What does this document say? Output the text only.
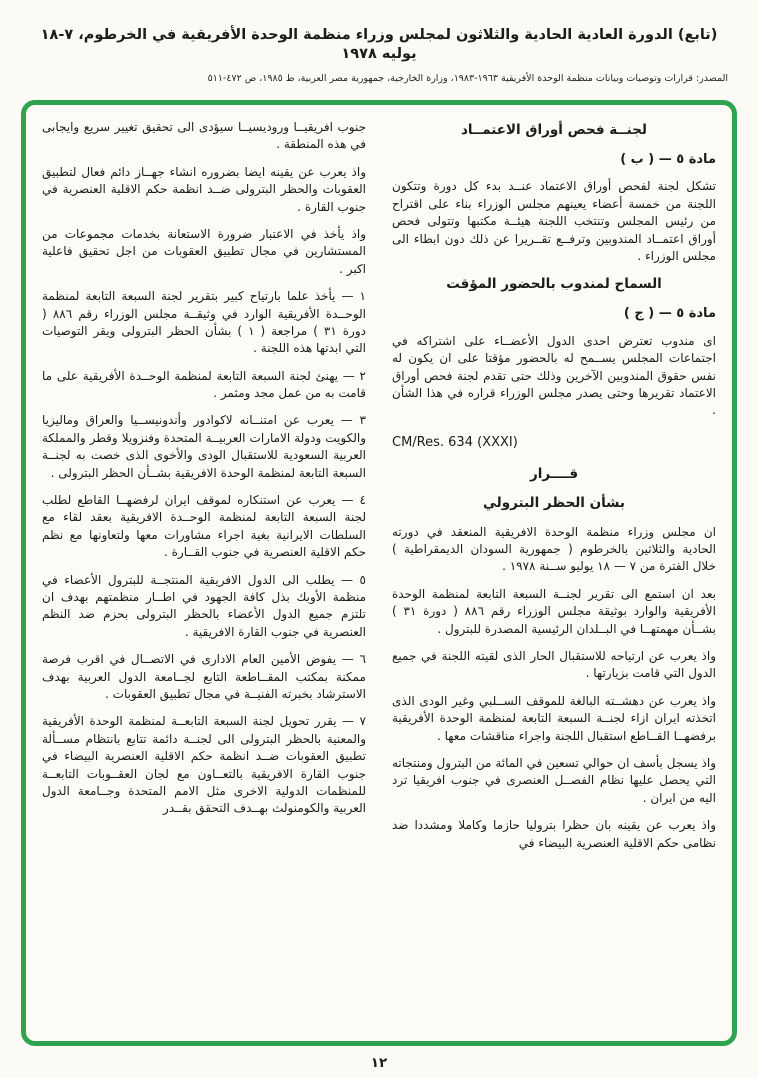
(تابع) الدورة العادية الحادية والثلاثون لمجلس وزراء منظمة الوحدة الأفريقية في الخرطوم، ٧-١٨ يوليه ١٩٧٨
المصدر: قرارات وتوصيات وبيانات منظمة الوحدة الأفريقية ١٩٦٣-١٩٨٣، وزارة الخارجية، جمهورية مصر العربية، ط ١٩٨٥، ص ٤٧٢-٥١١
لجنــة فحص أوراق الاعتمــاد
مادة ٥ — ( ب )

تشكل لجنة لفحص أوراق الاعتماد عنــد بدء كل دورة وتتكون اللجنة من خمسة أعضاء يعينهم مجلس الوزراء بناء على اقتراح من رئيس المجلس وتنتخب اللجنة هيئــة مكتبها وتتولى فحص أوراق اعتمــاد المندوبين وترفــع تقــريرا عن ذلك دون ابطاء الى مجلس الوزراء .

السماح لمندوب بالحضور المؤقت
مادة ٥ — ( ج )

اى مندوب تعترض احدى الدول الأعضــاء على اشتراكه في اجتماعات المجلس يســمح له بالحضور مؤقتا على ان يكون له نفس حقوق المندوبين الآخرين وذلك حتى تقدم لجنة فحص أوراق الاعتماد تقريرها وحتى يصدر مجلس الوزراء قراره في هذا الشأن .

CM/Res. 634 (XXXI)
قــــرار
بشأن الحظر البترولي

ان مجلس وزراء منظمة الوحدة الافريقية المنعقد في دورته الحادية والثلاثين بالخرطوم ( جمهورية السودان الديمقراطية ) خلال الفترة من ٧ — ١٨ يوليو ســنة ١٩٧٨ .

بعد ان استمع الى تقرير لجنــة السبعة التابعة لمنظمة الوحدة الأفريقية والوارد بوثيقة مجلس الوزراء رقم ٨٨٦ ( دورة ٣١ ) بشــأن مهمتهــا في البــلدان الرئيسية المصدرة للبترول .

واذ يعرب عن ارتياحه للاستقبال الحار الذى لقيته اللجنة في جميع الدول التي قامت بزيارتها .

واذ يعرب عن دهشــته البالغة للموقف الســلبي وغير الودى الذى اتخذته ايران ازاء لجنــة السبعة التابعة لمنظمة الوحدة الأفريقية برفضهــا القــاطع استقبال اللجنة واجراء مناقشات معها .

واذ يسجل بأسف ان حوالي تسعين في المائة من البترول ومنتجاته التي يحصل عليها نظام الفصــل العنصرى في جنوب افريقيا ترد اليه من ايران .

واذ يعرب عن يقينه بان حظرا بتروليا حازما وكاملا ومشددا ضد نظامى حكم الاقلية العنصرية البيضاء في

جنوب افريقيــا وروديسيــا سيؤدى الى تحقيق تغيير سريع وايجابى في هذه المنطقة .

واذ يعرب عن يقينه ايضا بضروره انشاء جهــاز دائم فعال لتطبيق العقوبات والحظر البترولى ضــد انظمة حكم الاقلية العنصرية في جنوب القارة .

واذ يأخذ في الاعتبار ضرورة الاستعانة بخدمات مجموعات من المستشارين في مجال تطبيق العقوبات من اجل تحقيق فاعلية اكبر .

١ — يأخذ علما بارتياح كبير بتقرير لجنة السبعة التابعة لمنظمة الوحــدة الأفريقية الوارد في وثيقــة مجلس الوزراء رقم ٨٨٦ ( دورة ٣١ ) مراجعة ( ١ ) بشأن الحظر البترولى ويقر التوصيات التي ابدتها هذه اللجنة .

٢ — يهنئ لجنة السبعة التابعة لمنظمة الوحــدة الأفريقية على ما قامت به من عمل مجد ومثمر .

٣ — يعرب عن امتنــانه لاكوادور وأندونيســيا والعراق وماليزيا والكويت ودولة الامارات العربيــة المتحدة وفنزويلا وقطر والمملكة العربية السعودية للاستقبال الودى والأخوى الذى خصت به لجنــة السبعة التابعة لمنظمة الوحدة الافريقية بشــأن الحظر البترولى .

٤ — يعرب عن استنكاره لموقف ايران لرفضهــا القاطع لطلب لجنة السبعة التابعة لمنظمة الوحــدة الافريقية بعقد لقاء مع السلطات الايرانية بغية اجراء مشاورات معها ولتعاونها مع نظم حكم الاقلية العنصرية في جنوب القــارة .

٥ — يطلب الى الدول الافريقية المنتجــة للبترول الأعضاء في منظمة الأوبك بذل كافة الجهود في اطــار منظمتهم بهدف ان تلتزم جميع الدول الأعضاء بالحظر البترولى بحزم ضد النظم العنصرية في جنوب القارة الافريقية .

٦ — يفوض الأمين العام الادارى في الاتصــال في اقرب فرصة ممكنة بمكتب المقــاطعة التابع لجــامعة الدول العربية بهدف الاسترشاد بخبرته الفنيــة في مجال تطبيق العقوبات .

٧ — يقرر تحويل لجنة السبعة التابعــة لمنظمة الوحدة الأفريقية والمعنية بالحظر البترولى الى لجنــة دائمة تتابع بانتظام مســألة تطبيق العقوبات ضــد انظمة حكم الاقلية العنصرية البيضاء في جنوب القارة الافريقية بالتعــاون مع لجان العقــوبات التابعــة للمنظمات الدولية الاخرى مثل الامم المتحدة وجــامعة الدول العربية والكومنولث بهــدف التحقق بقــدر

١٢
